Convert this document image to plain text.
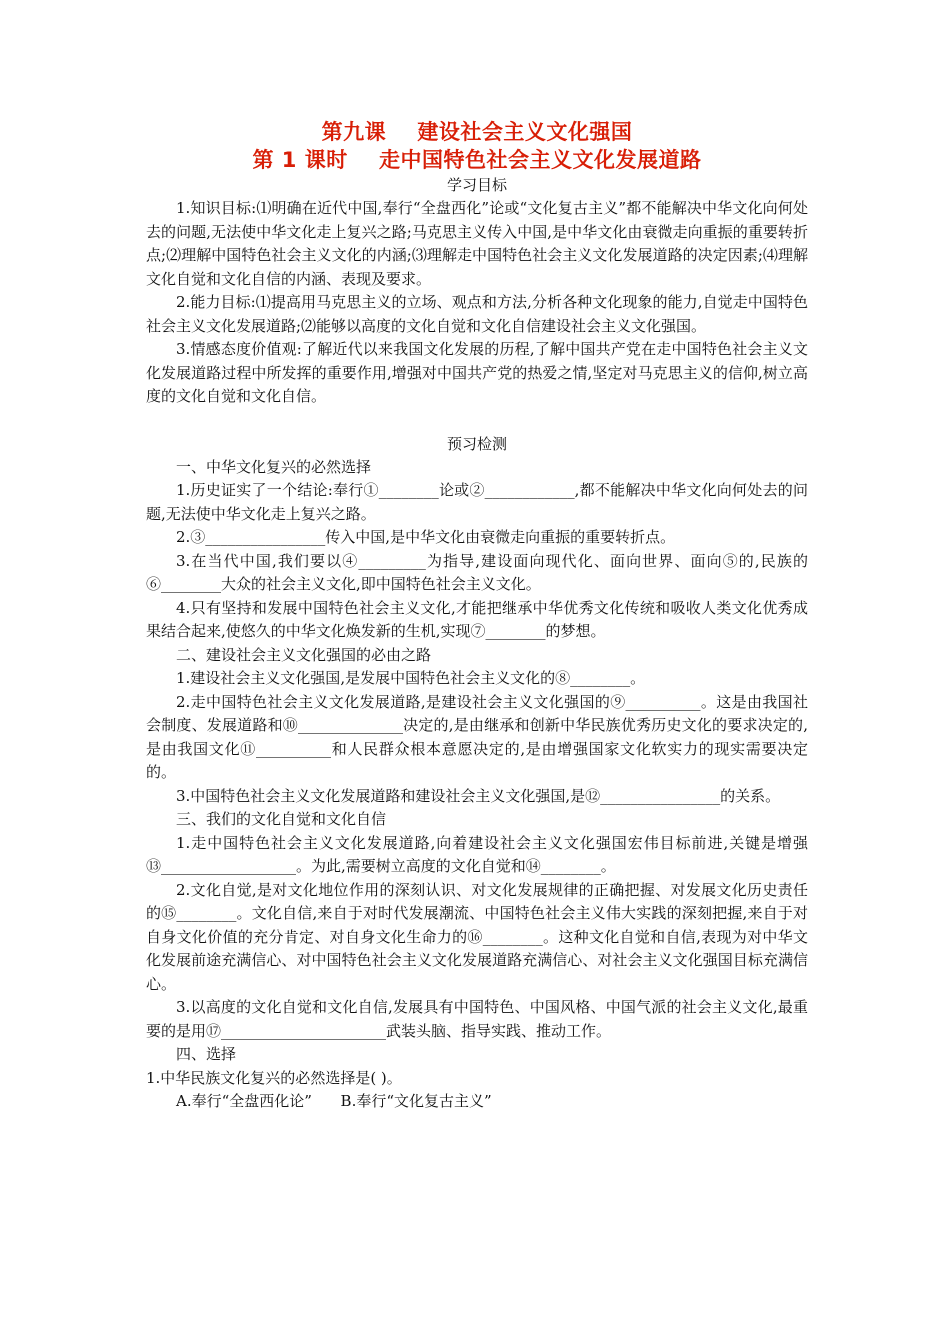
第九课    建设社会主义文化强国
第 1 课时    走中国特色社会主义文化发展道路
学习目标

1.知识目标:⑴明确在近代中国,奉行“全盘西化”论或“文化复古主义”都不能解决中华文化向何处去的问题,无法使中华文化走上复兴之路;马克思主义传入中国,是中华文化由衰微走向重振的重要转折点;⑵理解中国特色社会主义文化的内涵;⑶理解走中国特色社会主义文化发展道路的决定因素;⑷理解文化自觉和文化自信的内涵、表现及要求。

2.能力目标:⑴提高用马克思主义的立场、观点和方法,分析各种文化现象的能力,自觉走中国特色社会主义文化发展道路;⑵能够以高度的文化自觉和文化自信建设社会主义文化强国。

3.情感态度价值观:了解近代以来我国文化发展的历程,了解中国共产党在走中国特色社会主义文化发展道路过程中所发挥的重要作用,增强对中国共产党的热爱之情,坚定对马克思主义的信仰,树立高度的文化自觉和文化自信。

预习检测

一、中华文化复兴的必然选择

1.历史证实了一个结论:奉行①________论或②____________,都不能解决中华文化向何处去的问题,无法使中华文化走上复兴之路。

2.③________________传入中国,是中华文化由衰微走向重振的重要转折点。

3.在当代中国,我们要以④_________为指导,建设面向现代化、面向世界、面向⑤的,民族的⑥________大众的社会主义文化,即中国特色社会主义文化。

4.只有坚持和发展中国特色社会主义文化,才能把继承中华优秀文化传统和吸收人类文化优秀成果结合起来,使悠久的中华文化焕发新的生机,实现⑦________的梦想。

二、建设社会主义文化强国的必由之路

1.建设社会主义文化强国,是发展中国特色社会主义文化的⑧________。

2.走中国特色社会主义文化发展道路,是建设社会主义文化强国的⑨__________。这是由我国社会制度、发展道路和⑩______________决定的,是由继承和创新中华民族优秀历史文化的要求决定的,是由我国文化⑪__________和人民群众根本意愿决定的,是由增强国家文化软实力的现实需要决定的。

3.中国特色社会主义文化发展道路和建设社会主义文化强国,是⑫________________的关系。

三、我们的文化自觉和文化自信

1.走中国特色社会主义文化发展道路,向着建设社会主义文化强国宏伟目标前进,关键是增强⑬__________________。为此,需要树立高度的文化自觉和⑭________。

2.文化自觉,是对文化地位作用的深刻认识、对文化发展规律的正确把握、对发展文化历史责任的⑮________。文化自信,来自于对时代发展潮流、中国特色社会主义伟大实践的深刻把握,来自于对自身文化价值的充分肯定、对自身文化生命力的⑯________。这种文化自觉和自信,表现为对中华文化发展前途充满信心、对中国特色社会主义文化发展道路充满信心、对社会主义文化强国目标充满信心。

3.以高度的文化自觉和文化自信,发展具有中国特色、中国风格、中国气派的社会主义文化,最重要的是用⑰______________________武装头脑、指导实践、推动工作。

四、选择

1.中华民族文化复兴的必然选择是( )。

A.奉行“全盘西化论”      B.奉行“文化复古主义”
